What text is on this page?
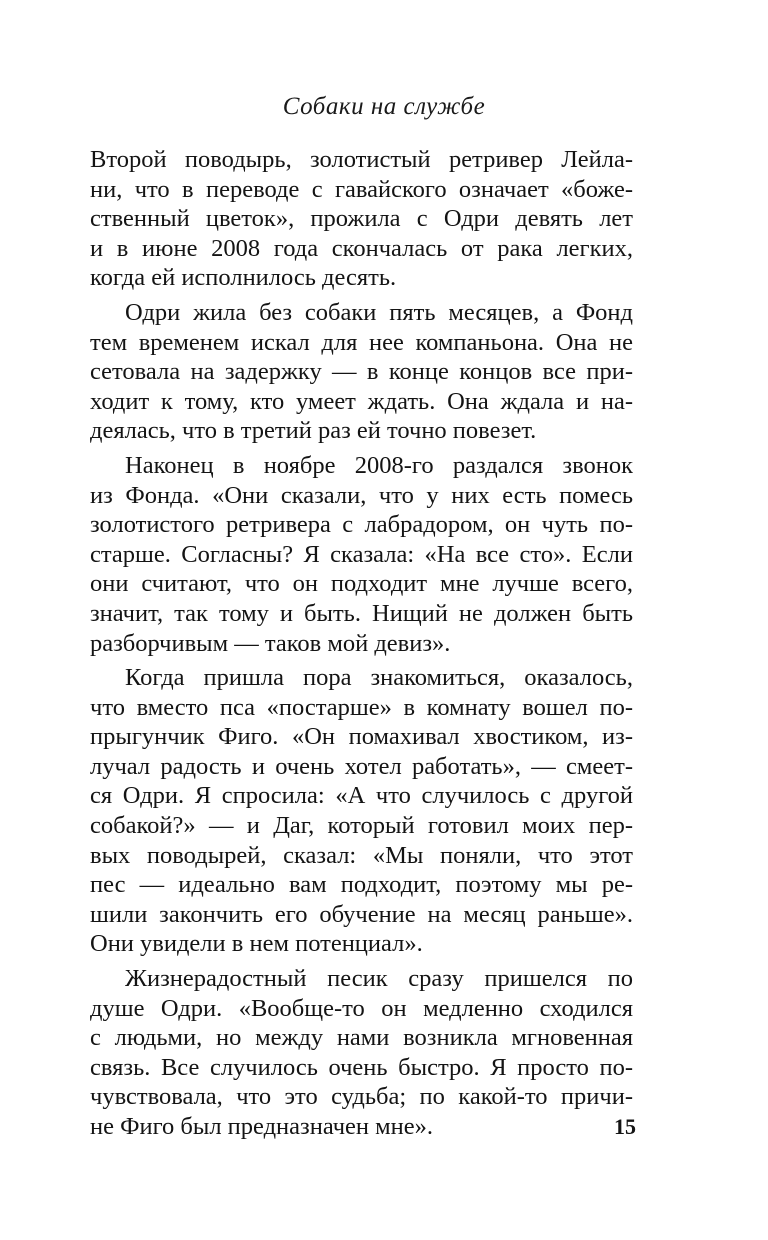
Собаки на службе
Второй поводырь, золотистый ретривер Лейла-
ни, что в переводе с гавайского означает «боже-
ственный цветок», прожила с Одри девять лет
и в июне 2008 года скончалась от рака легких,
когда ей исполнилось десять.
Одри жила без собаки пять месяцев, а Фонд
тем временем искал для нее компаньона. Она не
сетовала на задержку — в конце концов все при-
ходит к тому, кто умеет ждать. Она ждала и на-
деялась, что в третий раз ей точно повезет.
Наконец в ноябре 2008-го раздался звонок
из Фонда. «Они сказали, что у них есть помесь
золотистого ретривера с лабрадором, он чуть по-
старше. Согласны? Я сказала: «На все сто». Если
они считают, что он подходит мне лучше всего,
значит, так тому и быть. Нищий не должен быть
разборчивым — таков мой девиз».
Когда пришла пора знакомиться, оказалось,
что вместо пса «постарше» в комнату вошел по-
прыгунчик Фиго. «Он помахивал хвостиком, из-
лучал радость и очень хотел работать», — смеет-
ся Одри. Я спросила: «А что случилось с другой
собакой?» — и Даг, который готовил моих пер-
вых поводырей, сказал: «Мы поняли, что этот
пес — идеально вам подходит, поэтому мы ре-
шили закончить его обучение на месяц раньше».
Они увидели в нем потенциал».
Жизнерадостный песик сразу пришелся по
душе Одри. «Вообще-то он медленно сходился
с людьми, но между нами возникла мгновенная
связь. Все случилось очень быстро. Я просто по-
чувствовала, что это судьба; по какой-то причи-
не Фиго был предназначен мне».	15
